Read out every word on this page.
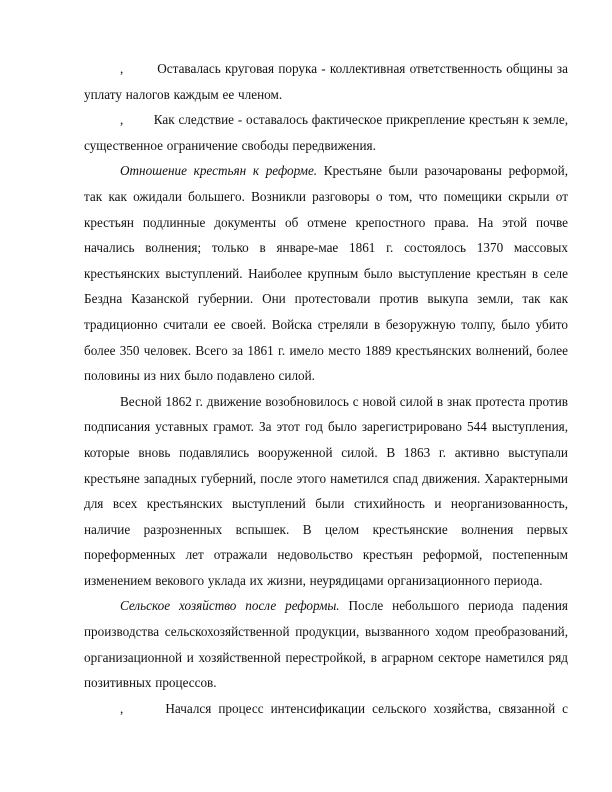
,	Оставалась круговая порука - коллективная ответственность общины за уплату налогов каждым ее членом.

, Как следствие - оставалось фактическое прикрепление крестьян к земле, существенное ограничение свободы передвижения.

Отношение крестьян к реформе. Крестьяне были разочарованы реформой, так как ожидали большего. Возникли разговоры о том, что помещики скрыли от крестьян подлинные документы об отмене крепостного права. На этой почве начались волнения; только в январе-мае 1861 г. состоялось 1370 массовых крестьянских выступлений. Наиболее крупным было выступление крестьян в селе Бездна Казанской губернии. Они протестовали против выкупа земли, так как традиционно считали ее своей. Войска стреляли в безоружную толпу, было убито более 350 человек. Всего за 1861 г. имело место 1889 крестьянских волнений, более половины из них было подавлено силой.

Весной 1862 г. движение возобновилось с новой силой в знак протеста против подписания уставных грамот. За этот год было зарегистрировано 544 выступления, которые вновь подавлялись вооруженной силой. В 1863 г. активно выступали крестьяне западных губерний, после этого наметился спад движения. Характерными для всех крестьянских выступлений были стихийность и неорганизованность, наличие разрозненных вспышек. В целом крестьянские волнения первых пореформенных лет отражали недовольство крестьян реформой, постепенным изменением векового уклада их жизни, неурядицами организационного периода.

Сельское хозяйство после реформы. После небольшого периода падения производства сельскохозяйственной продукции, вызванного ходом преобразований, организационной и хозяйственной перестройкой, в аграрном секторе наметился ряд позитивных процессов.

,	Начался процесс интенсификации сельского хозяйства, связанной с
